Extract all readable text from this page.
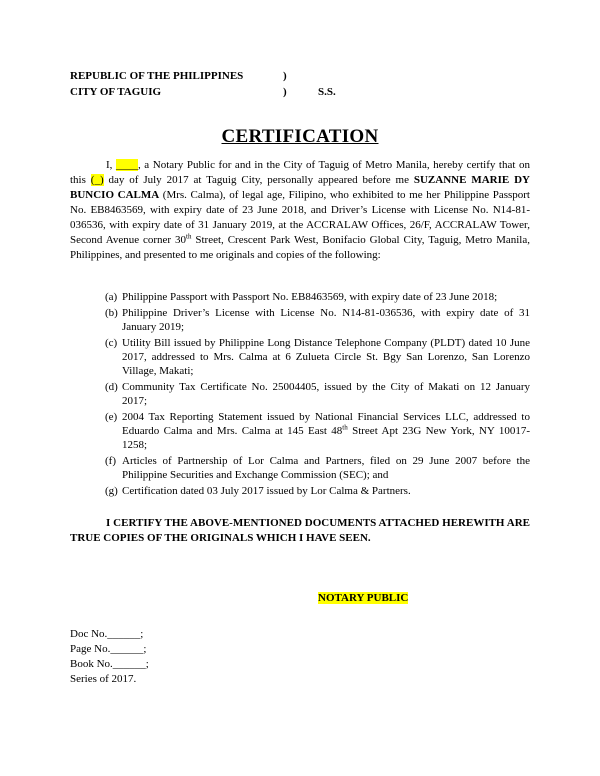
REPUBLIC OF THE PHILIPPINES	)
CITY OF TAGUIG	)	S.S.
CERTIFICATION
I, ____, a Notary Public for and in the City of Taguig of Metro Manila, hereby certify that on this (_) day of July 2017 at Taguig City, personally appeared before me SUZANNE MARIE DY BUNCIO CALMA (Mrs. Calma), of legal age, Filipino, who exhibited to me her Philippine Passport No. EB8463569, with expiry date of 23 June 2018, and Driver’s License with License No. N14-81-036536, with expiry date of 31 January 2019, at the ACCRALAW Offices, 26/F, ACCRALAW Tower, Second Avenue corner 30th Street, Crescent Park West, Bonifacio Global City, Taguig, Metro Manila, Philippines, and presented to me originals and copies of the following:
(a) Philippine Passport with Passport No. EB8463569, with expiry date of 23 June 2018;
(b) Philippine Driver’s License with License No. N14-81-036536, with expiry date of 31 January 2019;
(c) Utility Bill issued by Philippine Long Distance Telephone Company (PLDT) dated 10 June 2017, addressed to Mrs. Calma at 6 Zulueta Circle St. Bgy San Lorenzo, San Lorenzo Village, Makati;
(d) Community Tax Certificate No. 25004405, issued by the City of Makati on 12 January 2017;
(e) 2004 Tax Reporting Statement issued by National Financial Services LLC, addressed to Eduardo Calma and Mrs. Calma at 145 East 48th Street Apt 23G New York, NY 10017-1258;
(f) Articles of Partnership of Lor Calma and Partners, filed on 29 June 2007 before the Philippine Securities and Exchange Commission (SEC); and
(g) Certification dated 03 July 2017 issued by Lor Calma & Partners.
I CERTIFY THE ABOVE-MENTIONED DOCUMENTS ATTACHED HEREWITH ARE TRUE COPIES OF THE ORIGINALS WHICH I HAVE SEEN.
NOTARY PUBLIC
Doc No.______;
Page No.______;
Book No.______;
Series of 2017.
